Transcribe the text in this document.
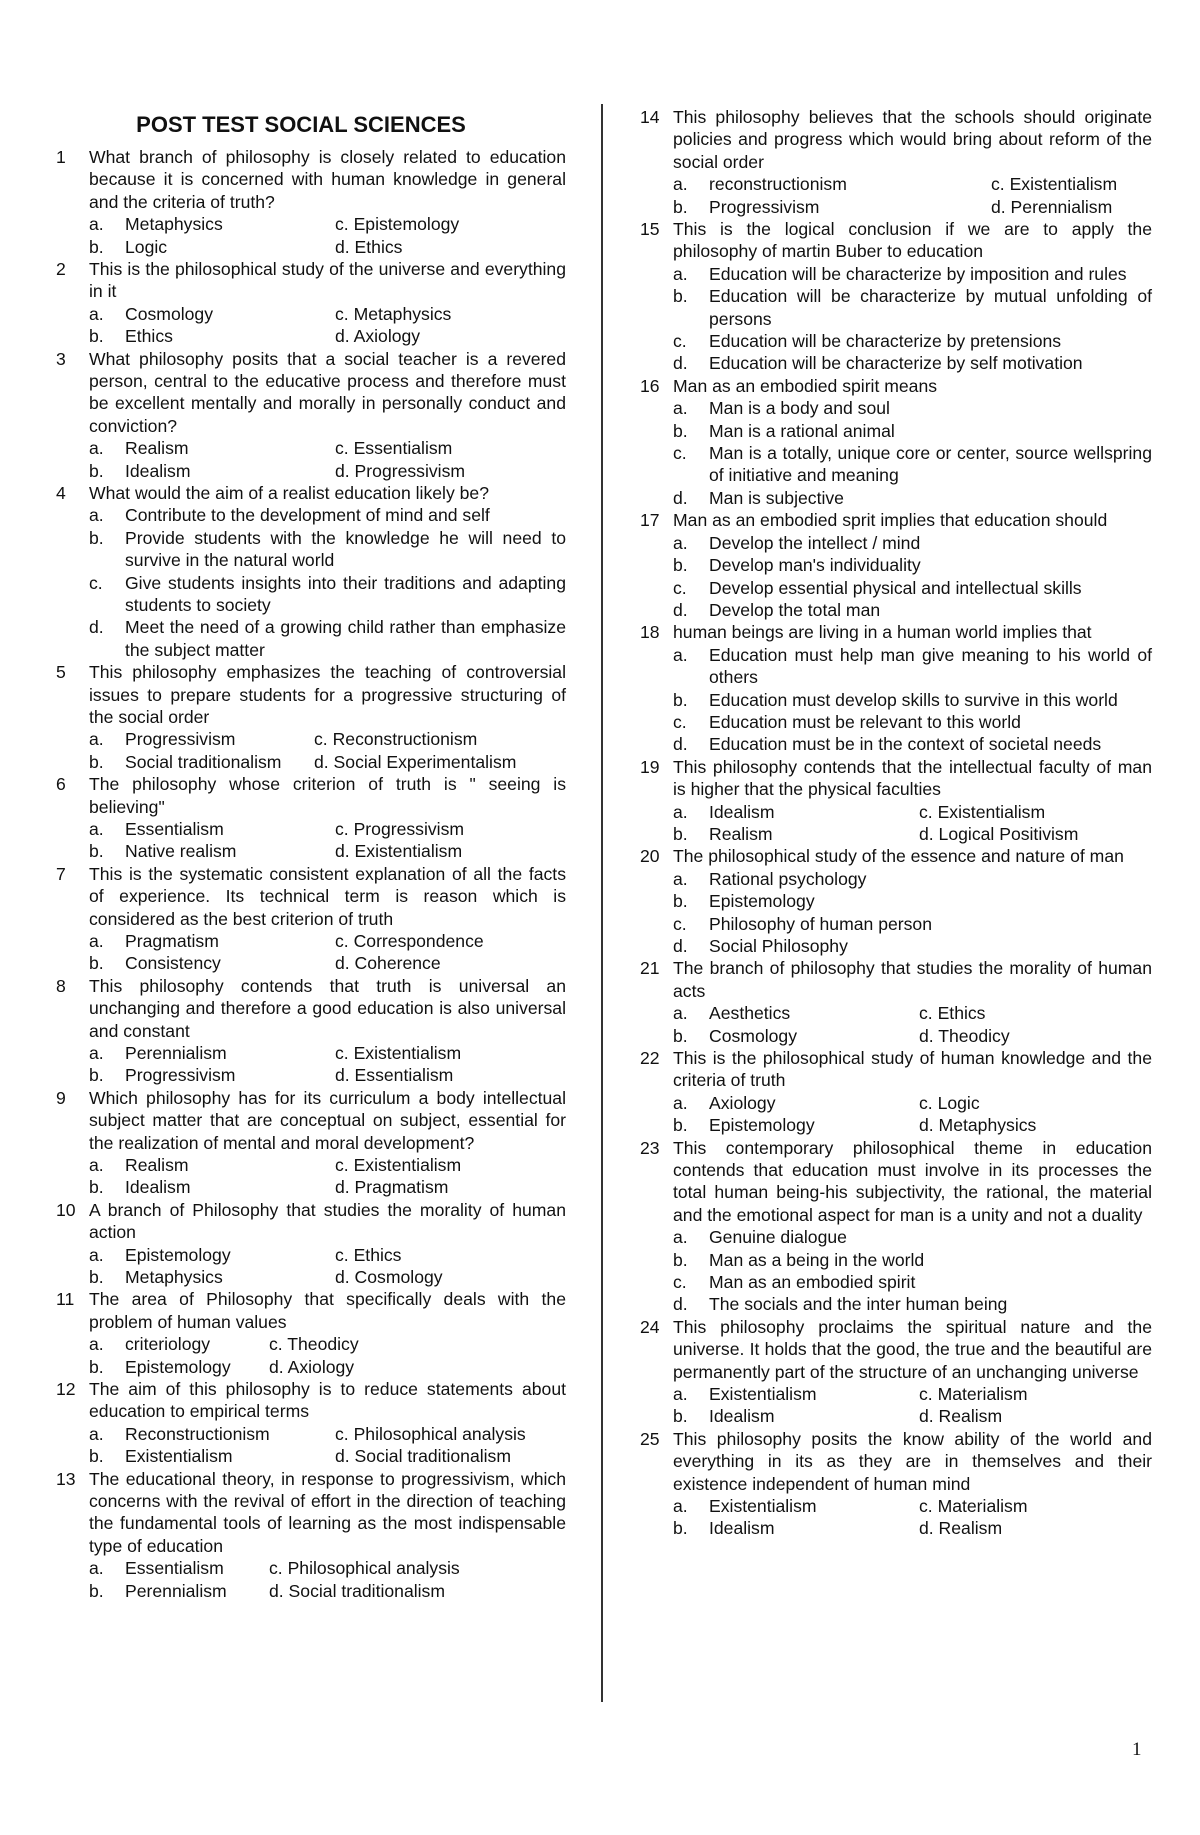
POST TEST SOCIAL SCIENCES
1 What branch of philosophy is closely related to education because it is concerned with human knowledge in general and the criteria of truth?
a. Metaphysics	c. Epistemology
b. Logic	d. Ethics
2 This is the philosophical study of the universe and everything in it
a. Cosmology	c. Metaphysics
b. Ethics	d. Axiology
3 What philosophy posits that a social teacher is a revered person, central to the educative process and therefore must be excellent mentally and morally in personally conduct and conviction?
a. Realism	c. Essentialism
b. Idealism	d. Progressivism
4 What would the aim of a realist education likely be?
a. Contribute to the development of mind and self
b. Provide students with the knowledge he will need to survive in the natural world
c. Give students insights into their traditions and adapting students to society
d. Meet the need of a growing child rather than emphasize the subject matter
5 This philosophy emphasizes the teaching of controversial issues to prepare students for a progressive structuring of the social order
a. Progressivism	c. Reconstructionism
b. Social traditionalism d. Social Experimentalism
6 The philosophy whose criterion of truth is " seeing is believing"
a. Essentialism	c. Progressivism
b. Native realism	d. Existentialism
7 This is the systematic consistent explanation of all the facts of experience. Its technical term is reason which is considered as the best criterion of truth
a. Pragmatism	c. Correspondence
b. Consistency	d. Coherence
8 This philosophy contends that truth is universal an unchanging and therefore a good education is also universal and constant
a. Perennialism	c. Existentialism
b. Progressivism	d. Essentialism
9 Which philosophy has for its curriculum a body intellectual subject matter that are conceptual on subject, essential for the realization of mental and moral development?
a. Realism	c. Existentialism
b. Idealism	d. Pragmatism
10 A branch of Philosophy that studies the morality of human action
a. Epistemology	c. Ethics
b. Metaphysics	d. Cosmology
11 The area of Philosophy that specifically deals with the problem of human values
a. criteriology	c. Theodicy
b. Epistemology d. Axiology
12 The aim of this philosophy is to reduce statements about education to empirical terms
a. Reconstructionism	c. Philosophical analysis
b. Existentialism	d. Social traditionalism
13 The educational theory, in response to progressivism, which concerns with the revival of effort in the direction of teaching the fundamental tools of learning as the most indispensable type of education
a. Essentialism	c. Philosophical analysis
b. Perennialism d. Social traditionalism
14 This philosophy believes that the schools should originate policies and progress which would bring about reform of the social order
a. reconstructionism	c. Existentialism
b. Progressivism	d. Perennialism
15 This is the logical conclusion if we are to apply the philosophy of martin Buber to education
a. Education will be characterize by imposition and rules
b. Education will be characterize by mutual unfolding of persons
c. Education will be characterize by pretensions
d. Education will be characterize by self motivation
16 Man as an embodied spirit means
a. Man is a body and soul
b. Man is a rational animal
c. Man is a totally, unique core or center, source wellspring of initiative and meaning
d. Man is subjective
17 Man as an embodied sprit implies that education should
a. Develop the intellect / mind
b. Develop man's individuality
c. Develop essential physical and intellectual skills
d. Develop the total man
18 human beings are living in a human world implies that
a. Education must help man give meaning to his world of others
b. Education must develop skills to survive in this world
c. Education must be relevant to this world
d. Education must be in the context of societal needs
19 This philosophy contends that the intellectual faculty of man is higher that the physical faculties
a. Idealism	c. Existentialism
b. Realism	d. Logical Positivism
20 The philosophical study of the essence and nature of man
a. Rational psychology
b. Epistemology
c. Philosophy of human person
d. Social Philosophy
21 The branch of philosophy that studies the morality of human acts
a. Aesthetics	c. Ethics
b. Cosmology	d. Theodicy
22 This is the philosophical study of human knowledge and the criteria of truth
a. Axiology	c. Logic
b. Epistemology	d. Metaphysics
23 This contemporary philosophical theme in education contends that education must involve in its processes the total human being-his subjectivity, the rational, the material and the emotional aspect for man is a unity and not a duality
a. Genuine dialogue
b. Man as a being in the world
c. Man as an embodied spirit
d. The socials and the inter human being
24 This philosophy proclaims the spiritual nature and the universe. It holds that the good, the true and the beautiful are permanently part of the structure of an unchanging universe
a. Existentialism	c. Materialism
b. Idealism	d. Realism
25 This philosophy posits the know ability of the world and everything in its as they are in themselves and their existence independent of human mind
a. Existentialism	c. Materialism
b. Idealism	d. Realism
1
